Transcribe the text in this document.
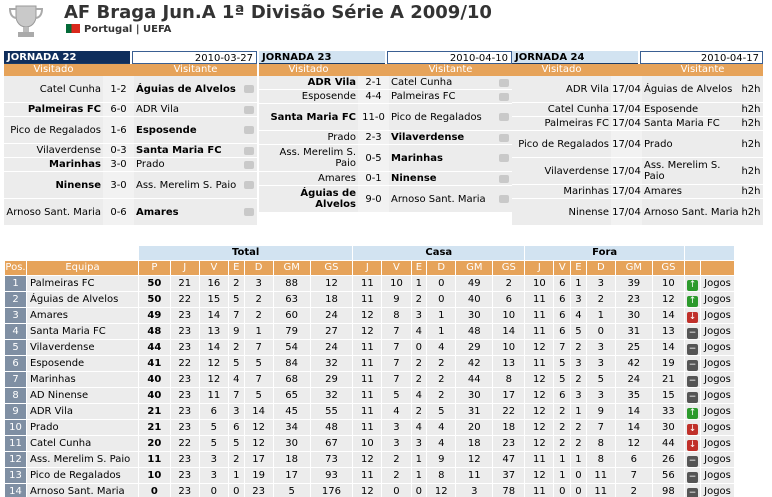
AF Braga Jun.A 1ª Divisão Série A 2009/10
Portugal | UEFA
JORNADA 22	2010-03-27
Visitado	Visitante
Catel Cunha 1-2 Águias de Alvelos
Palmeiras FC 6-0 ADR Vila
Pico de Regalados 1-6 Esposende
Vilaverdense 0-3 Santa Maria FC
Marinhas 3-0 Prado
Ninense 3-0 Ass. Merelim S. Paio
Arnoso Sant. Maria 0-6 Amares
JORNADA 23	2010-04-10
Visitado	Visitante
ADR Vila 2-1 Catel Cunha
Esposende 4-4 Palmeiras FC
Santa Maria FC 11-0 Pico de Regalados
Prado 2-3 Vilaverdense
Ass. Merelim S. Paio 0-5 Marinhas
Amares 0-1 Ninense
Águias de Alvelos 9-0 Arnoso Sant. Maria
JORNADA 24	2010-04-17
Visitado	Visitante
ADR Vila 17/04 Águias de Alvelos h2h
Catel Cunha 17/04 Esposende	h2h
Palmeiras FC 17/04 Santa Maria FC	h2h
Pico de Regalados 17/04 Prado	h2h
Vilaverdense 17/04 Ass. Merelim S. Paio	h2h
Marinhas 17/04 Amares	h2h
Ninense 17/04 Arnoso Sant. Maria h2h
		Total							Casa						Fora							
Pos.	Equipa	P	J	V	E	D	GM	GS	J	V	E	D	GM	GS	J	V	E	D	GM	GS		
1	Palmeiras FC	50	21	16	2	3	88	12	11	10	1	0	49	2	10	6	1	3	39	10	↑	Jogos
2	Águias de Alvelos	50	22	15	5	2	63	18	11	9	2	0	40	6	11	6	3	2	23	12	↑	Jogos
3	Amares	49	23	14	7	2	60	24	12	8	3	1	30	10	11	6	4	1	30	14	↓	Jogos
4	Santa Maria FC	48	23	13	9	1	79	27	12	7	4	1	48	14	11	6	5	0	31	13	−	Jogos
5	Vilaverdense	44	23	14	2	7	54	24	11	7	0	4	29	10	12	7	2	3	25	14	−	Jogos
6	Esposende	41	22	12	5	5	84	32	11	7	2	2	42	13	11	5	3	3	42	19	−	Jogos
7	Marinhas	40	23	12	4	7	68	29	11	7	2	2	44	8	12	5	2	5	24	21	−	Jogos
8	AD Ninense	40	23	11	7	5	65	32	11	5	4	2	30	17	12	6	3	3	35	15	−	Jogos
9	ADR Vila	21	23	6	3	14	45	55	11	4	2	5	31	22	12	2	1	9	14	33	↑	Jogos
10	Prado	21	23	5	6	12	34	48	11	3	4	4	20	18	12	2	2	7	14	30	↓	Jogos
11	Catel Cunha	20	22	5	5	12	30	67	10	3	3	4	18	23	12	2	2	8	12	44	↓	Jogos
12	Ass. Merelim S. Paio	11	23	3	2	17	18	73	12	2	1	9	12	47	11	1	1	8	6	26	−	Jogos
13	Pico de Regalados	10	23	3	1	19	17	93	11	2	1	8	11	37	12	1	0	11	7	56	−	Jogos
14	Arnoso Sant. Maria	0	23	0	0	23	5	176	12	0	0	12	3	78	11	0	0	11	2	98	−	Jogos
